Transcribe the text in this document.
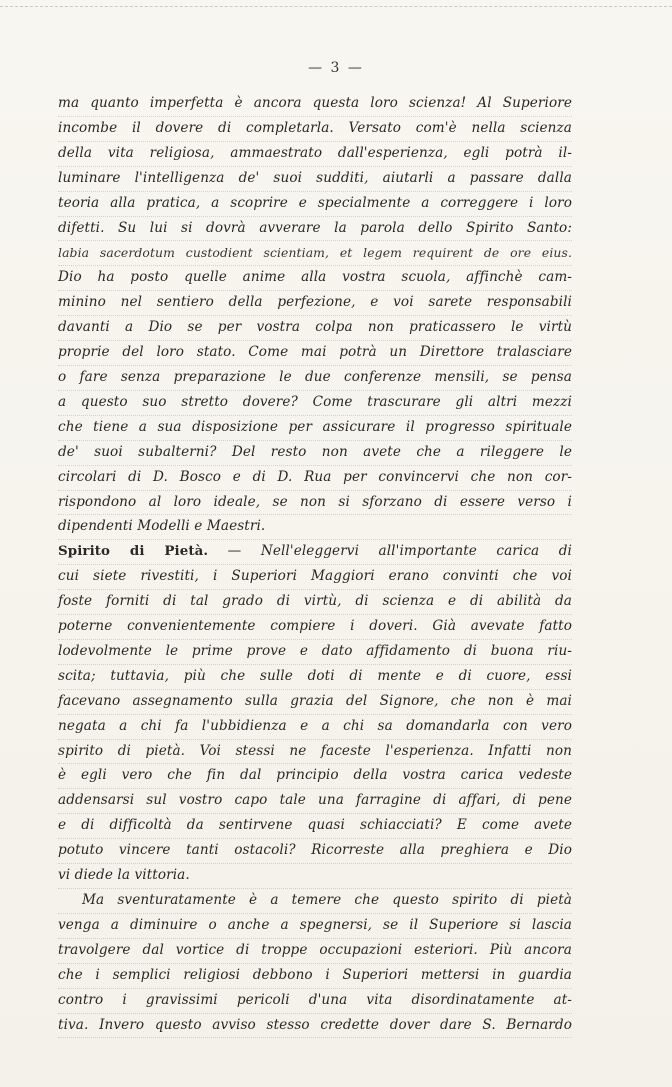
— 3 —
ma quanto imperfetta è ancora questa loro scienza! Al Superiore
incombe il dovere di completarla. Versato com'è nella scienza
della vita religiosa, ammaestrato dall'esperienza, egli potrà il-
luminare l'intelligenza de' suoi sudditi, aiutarli a passare dalla
teoria alla pratica, a scoprire e specialmente a correggere i loro
difetti. Su lui si dovrà avverare la parola dello Spirito Santo:
labia sacerdotum custodient scientiam, et legem requirent de ore eius.
Dio ha posto quelle anime alla vostra scuola, affinchè cam-
minino nel sentiero della perfezione, e voi sarete responsabili
davanti a Dio se per vostra colpa non praticassero le virtù
proprie del loro stato. Come mai potrà un Direttore tralasciare
o fare senza preparazione le due conferenze mensili, se pensa
a questo suo stretto dovere? Come trascurare gli altri mezzi
che tiene a sua disposizione per assicurare il progresso spirituale
de' suoi subalterni? Del resto non avete che a rileggere le
circolari di D. Bosco e di D. Rua per convincervi che non cor-
rispondono al loro ideale, se non si sforzano di essere verso i
dipendenti Modelli e Maestri.
Spirito di Pietà. — Nell'eleggervi all'importante carica di
cui siete rivestiti, i Superiori Maggiori erano convinti che voi
foste forniti di tal grado di virtù, di scienza e di abilità da
poterne convenientemente compiere i doveri. Già avevate fatto
lodevolmente le prime prove e dato affidamento di buona riu-
scita; tuttavia, più che sulle doti di mente e di cuore, essi
facevano assegnamento sulla grazia del Signore, che non è mai
negata a chi fa l'ubbidienza e a chi sa domandarla con vero
spirito di pietà. Voi stessi ne faceste l'esperienza. Infatti non
è egli vero che fin dal principio della vostra carica vedeste
addensarsi sul vostro capo tale una farragine di affari, di pene
e di difficoltà da sentirvene quasi schiacciati? E come avete
potuto vincere tanti ostacoli? Ricorreste alla preghiera e Dio
vi diede la vittoria.
Ma sventuratamente è a temere che questo spirito di pietà
venga a diminuire o anche a spegnersi, se il Superiore si lascia
travolgere dal vortice di troppe occupazioni esteriori. Più ancora
che i semplici religiosi debbono i Superiori mettersi in guardia
contro i gravissimi pericoli d'una vita disordinatamente at-
tiva. Invero questo avviso stesso credette dover dare S. Bernardo
